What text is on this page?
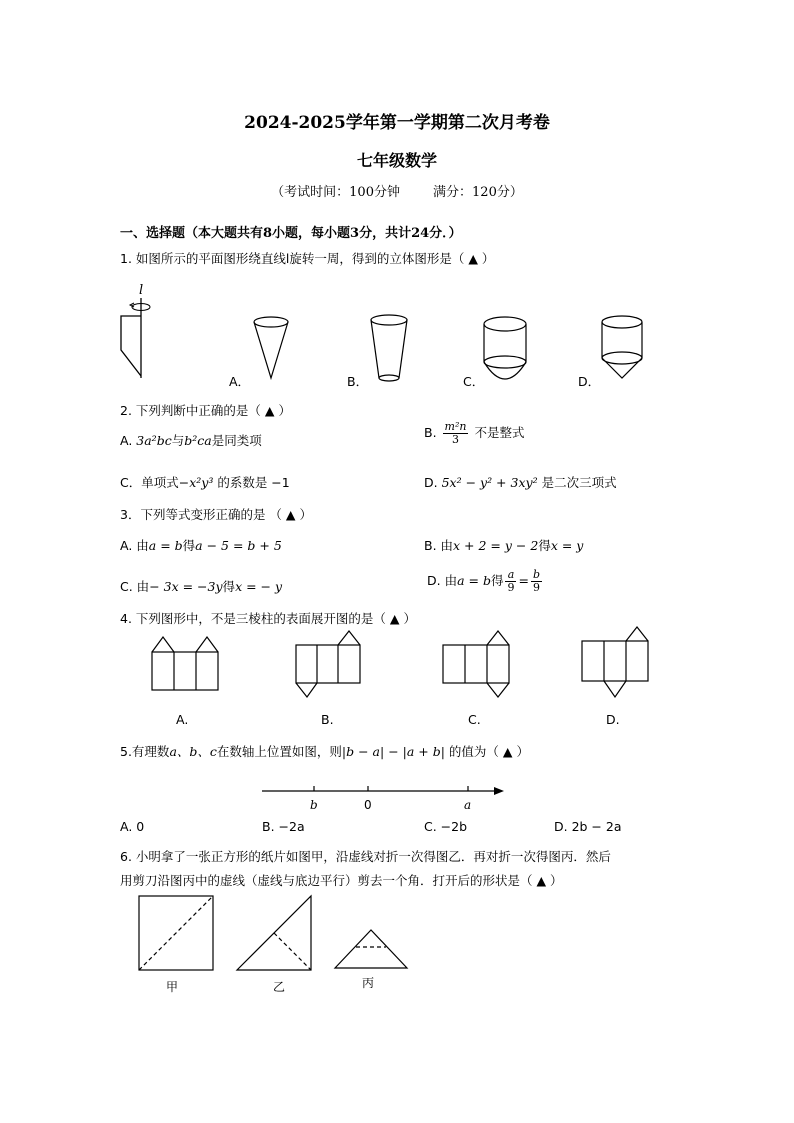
2024-2025学年第一学期第二次月考卷
七年级数学
（考试时间：100分钟        满分：120分）
一、选择题（本大题共有8小题，每小题3分，共计24分．）
1. 如图所示的平面图形绕直线l旋转一周，得到的立体图形是（ ▲ ）
l
A．	B．	C．	D．
2. 下列判断中正确的是（ ▲ ）
A. 3a²bc与b²ca是同类项
B. $\frac{\text{m²n}}{3}$ 不是整式
C．单项式−x²y³ 的系数是 −1	D. 5x² − y² + 3xy² 是二次三项式
3．下列等式变形正确的是 （ ▲ ）
A. 由a = b得a − 5 = b + 5	B. 由x + 2 = y − 2得x = y
C. 由− 3x = −3y得x = − y	D. 由a = b得 $\frac{a}{9} = \frac{b}{9}$
4. 下列图形中，不是三棱柱的表面展开图的是（ ▲ ）
A.	B.	C.	D.
5.有理数a、b、c在数轴上位置如图，则|b − a| − |a + b| 的值为（ ▲ ）
b	0	a
A. 0	B. −2a	C. −2b	D. 2b − 2a
6. 小明拿了一张正方形的纸片如图甲，沿虚线对折一次得图乙．再对折一次得图丙．然后
用剪刀沿图丙中的虚线（虚线与底边平行）剪去一个角．打开后的形状是（ ▲ ）
甲	乙	丙
